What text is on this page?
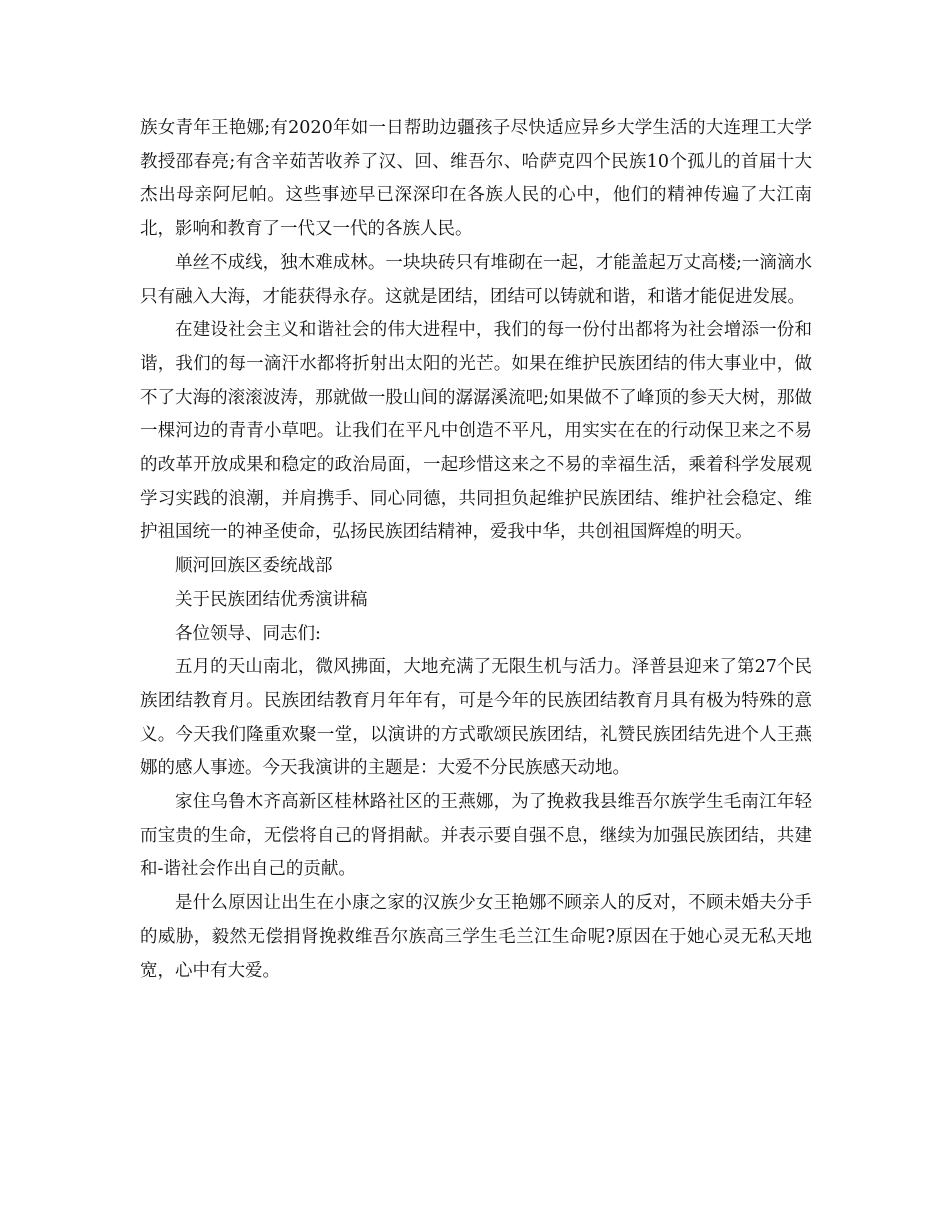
族女青年王艳娜;有2020年如一日帮助边疆孩子尽快适应异乡大学生活的大连理工大学教授邵春亮;有含辛茹苦收养了汉、回、维吾尔、哈萨克四个民族10个孤儿的首届十大杰出母亲阿尼帕。这些事迹早已深深印在各族人民的心中，他们的精神传遍了大江南北，影响和教育了一代又一代的各族人民。

单丝不成线，独木难成林。一块块砖只有堆砌在一起，才能盖起万丈高楼;一滴滴水只有融入大海，才能获得永存。这就是团结，团结可以铸就和谐，和谐才能促进发展。

在建设社会主义和谐社会的伟大进程中，我们的每一份付出都将为社会增添一份和谐，我们的每一滴汗水都将折射出太阳的光芒。如果在维护民族团结的伟大事业中，做不了大海的滚滚波涛，那就做一股山间的潺潺溪流吧;如果做不了峰顶的参天大树，那做一棵河边的青青小草吧。让我们在平凡中创造不平凡，用实实在在的行动保卫来之不易的改革开放成果和稳定的政治局面，一起珍惜这来之不易的幸福生活，乘着科学发展观学习实践的浪潮，并肩携手、同心同德，共同担负起维护民族团结、维护社会稳定、维护祖国统一的神圣使命，弘扬民族团结精神，爱我中华，共创祖国辉煌的明天。

顺河回族区委统战部

关于民族团结优秀演讲稿

各位领导、同志们:

五月的天山南北，微风拂面，大地充满了无限生机与活力。泽普县迎来了第27个民族团结教育月。民族团结教育月年年有，可是今年的民族团结教育月具有极为特殊的意义。今天我们隆重欢聚一堂，以演讲的方式歌颂民族团结，礼赞民族团结先进个人王燕娜的感人事迹。今天我演讲的主题是：大爱不分民族感天动地。

家住乌鲁木齐高新区桂林路社区的王燕娜，为了挽救我县维吾尔族学生毛南江年轻而宝贵的生命，无偿将自己的肾捐献。并表示要自强不息，继续为加强民族团结，共建和-谐社会作出自己的贡献。

是什么原因让出生在小康之家的汉族少女王艳娜不顾亲人的反对，不顾未婚夫分手的威胁，毅然无偿捐肾挽救维吾尔族高三学生毛兰江生命呢?原因在于她心灵无私天地宽，心中有大爱。
